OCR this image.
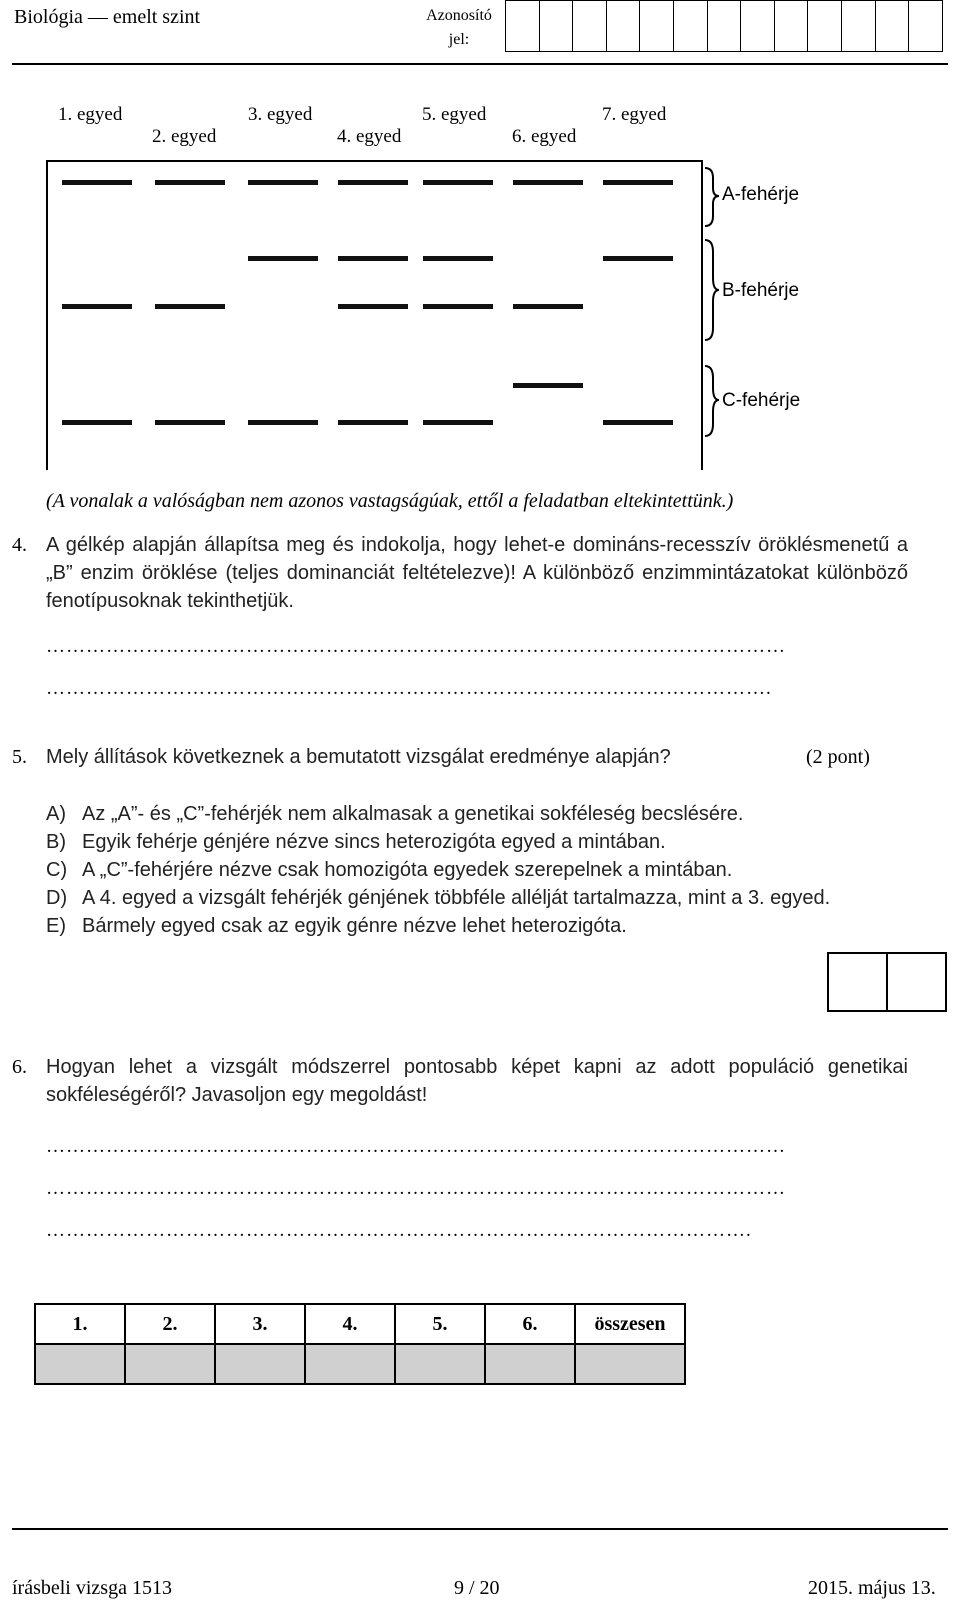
Biológia — emelt szint	Azonosító
jel:
1. egyed
2. egyed
3. egyed
4. egyed
5. egyed
6. egyed
7. egyed
A-fehérje
B-fehérje
C-fehérje
(A vonalak a valóságban nem azonos vastagságúak, ettől a feladatban eltekintettünk.)
4. A gélkép alapján állapítsa meg és indokolja, hogy lehet-e domináns-recesszív öröklésmenetű a „B” enzim öröklése (teljes dominanciát feltételezve)! A különböző enzimmintázatokat különböző fenotípusoknak tekinthetjük.
…………………………………………………………………………………………………
……………………………………………………………………………………………….
5. Mely állítások következnek a bemutatott vizsgálat eredménye alapján?	(2 pont)
A) Az „A”- és „C”-fehérjék nem alkalmasak a genetikai sokféleség becslésére.
B) Egyik fehérje génjére nézve sincs heterozigóta egyed a mintában.
C) A „C”-fehérjére nézve csak homozigóta egyedek szerepelnek a mintában.
D) A 4. egyed a vizsgált fehérjék génjének többféle allélját tartalmazza, mint a 3. egyed.
E) Bármely egyed csak az egyik génre nézve lehet heterozigóta.
6. Hogyan lehet a vizsgált módszerrel pontosabb képet kapni az adott populáció genetikai sokféleségéről? Javasoljon egy megoldást!
…………………………………………………………………………………………………
…………………………………………………………………………………………………
…………………………………………………………………………………………….
1.	2.	3.	4.	5.	6.	összesen

írásbeli vizsga 1513	9 / 20	2015. május 13.
